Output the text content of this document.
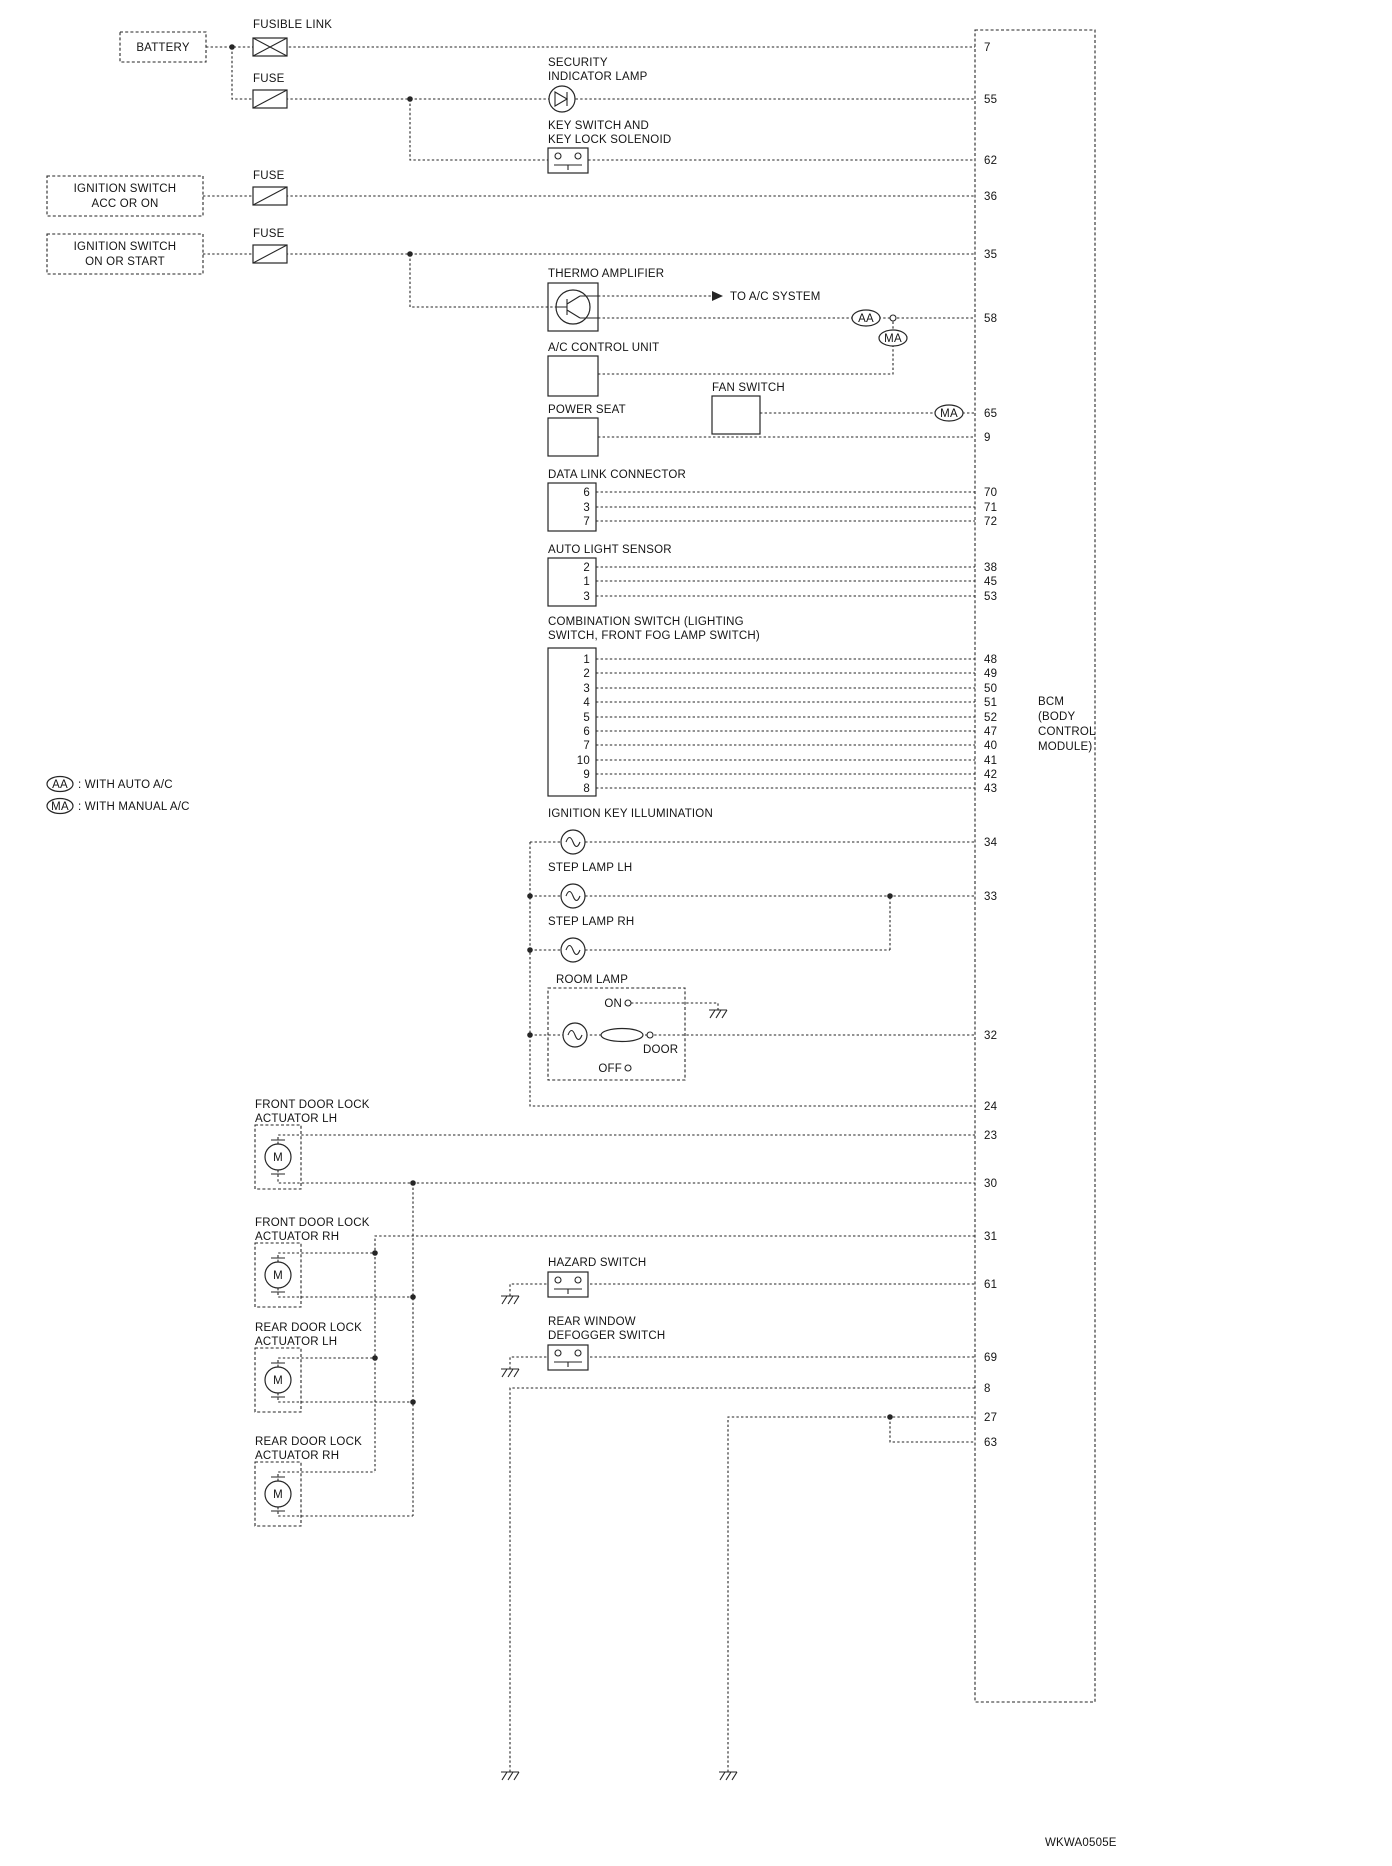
M
M
M
M
AA
MA
MA
AA : WITH AUTO A/C
MA : WITH MANUAL A/C
BATTERY
FUSIBLE LINK
FUSE
IGNITION SWITCH
ACC OR ON
FUSE
IGNITION SWITCH
ON OR START
FUSE
SECURITY
INDICATOR LAMP
KEY SWITCH AND
KEY LOCK SOLENOID
THERMO AMPLIFIER
TO A/C SYSTEM
A/C CONTROL UNIT
FAN SWITCH
POWER SEAT
DATA LINK CONNECTOR
AUTO LIGHT SENSOR
COMBINATION SWITCH (LIGHTING
SWITCH, FRONT FOG LAMP SWITCH)
IGNITION KEY ILLUMINATION
STEP LAMP LH
STEP LAMP RH
ROOM LAMP
ON
OFF
DOOR
FRONT DOOR LOCK
ACTUATOR LH
FRONT DOOR LOCK
ACTUATOR RH
REAR DOOR LOCK
ACTUATOR LH
REAR DOOR LOCK
ACTUATOR RH
HAZARD SWITCH
REAR WINDOW
DEFOGGER SWITCH
6
3
7
2
1
3
1
2
3
4
5
6
7
10
9
8
7
55
62
36
35
58
65
9
70
71
72
38
45
53
48
49
50
51
52
47
40
41
42
43
34
33
32
24
23
30
31
61
69
8
27
63
BCM
(BODY
CONTROL
MODULE)
WKWA0505E
